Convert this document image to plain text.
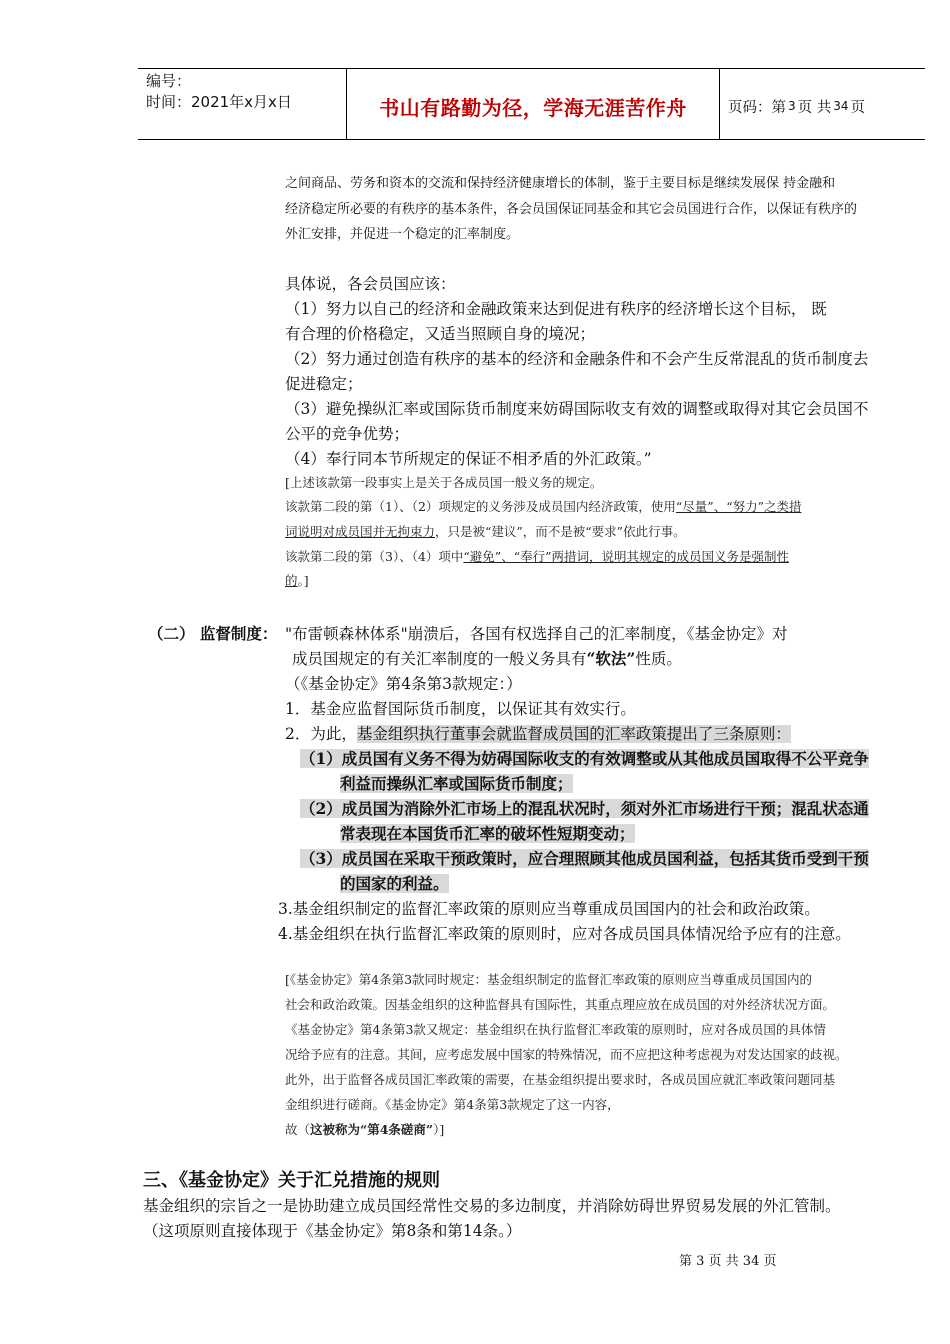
编号：
时间：2021年x月x日	书山有路勤为径，学海无涯苦作舟	页码：第 3 页 共 34 页
之间商品、劳务和资本的交流和保持经济健康增长的体制，鉴于主要目标是继续发展保 持金融和
经济稳定所必要的有秩序的基本条件，各会员国保证同基金和其它会员国进行合作，以保证有秩序的
外汇安排，并促进一个稳定的汇率制度。
具体说，各会员国应该：
（1）努力以自己的经济和金融政策来达到促进有秩序的经济增长这个目标， 既
有合理的价格稳定，又适当照顾自身的境况；
（2）努力通过创造有秩序的基本的经济和金融条件和不会产生反常混乱的货币制度去
促进稳定；
（3）避免操纵汇率或国际货币制度来妨碍国际收支有效的调整或取得对其它会员国不
公平的竞争优势；
（4）奉行同本节所规定的保证不相矛盾的外汇政策。”
[上述该款第一段事实上是关于各成员国一般义务的规定。
该款第二段的第（1）、（2）项规定的义务涉及成员国内经济政策，使用“尽量”、“努力”之类措
词说明对成员国并无拘束力，只是被“建议”，而不是被“要求”依此行事。
该款第二段的第（3）、（4）项中“避免”、“奉行”两措词，说明其规定的成员国义务是强制性
的。]
（二） 监督制度： "布雷顿森林体系"崩溃后，各国有权选择自己的汇率制度，《基金协定》对
成员国规定的有关汇率制度的一般义务具有“软法”性质。
（《基金协定》第4条第3款规定：）
1．基金应监督国际货币制度，以保证其有效实行。
2．为此，基金组织执行董事会就监督成员国的汇率政策提出了三条原则：
（1）成员国有义务不得为妨碍国际收支的有效调整或从其他成员国取得不公平竞争
利益而操纵汇率或国际货币制度；
（2）成员国为消除外汇市场上的混乱状况时，须对外汇市场进行干预；混乱状态通
常表现在本国货币汇率的破坏性短期变动；
（3）成员国在采取干预政策时，应合理照顾其他成员国利益，包括其货币受到干预
的国家的利益。
3.基金组织制定的监督汇率政策的原则应当尊重成员国国内的社会和政治政策。
4.基金组织在执行监督汇率政策的原则时，应对各成员国具体情况给予应有的注意。
[《基金协定》第4条第3款同时规定：基金组织制定的监督汇率政策的原则应当尊重成员国国内的
社会和政治政策。因基金组织的这种监督具有国际性，其重点理应放在成员国的对外经济状况方面。
《基金协定》第4条第3款又规定：基金组织在执行监督汇率政策的原则时，应对各成员国的具体情
况给予应有的注意。其间，应考虑发展中国家的特殊情况，而不应把这种考虑视为对发达国家的歧视。
此外，出于监督各成员国汇率政策的需要，在基金组织提出要求时，各成员国应就汇率政策问题同基
金组织进行磋商。《基金协定》第4条第3款规定了这一内容，
故（这被称为“第4条磋商”）]
三、《基金协定》关于汇兑措施的规则
基金组织的宗旨之一是协助建立成员国经常性交易的多边制度，并消除妨碍世界贸易发展的外汇管制。
（这项原则直接体现于《基金协定》第8条和第14条。）
第 3 页 共 34 页
